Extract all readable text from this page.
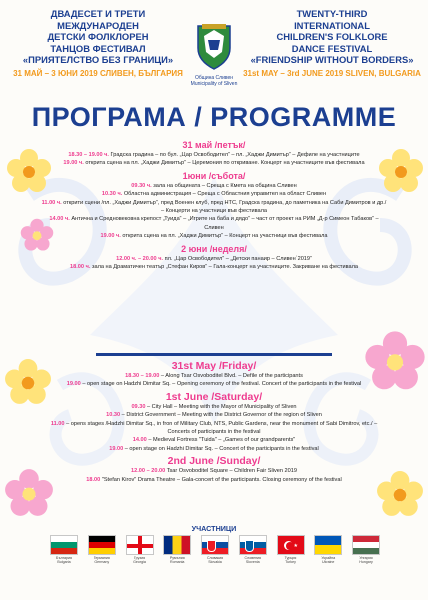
ДВАДЕСЕТ И ТРЕТИ
МЕЖДУНАРОДЕН
ДЕТСКИ ФОЛКЛОРЕН
ТАНЦОВ ФЕСТИВАЛ
«ПРИЯТЕЛСТВО БЕЗ ГРАНИЦИ»
31 МАЙ – 3 ЮНИ 2019 СЛИВЕН, БЪЛГАРИЯ
Община Сливен
Municipality of Sliven
TWENTY-THIRD
INTERNATIONAL
CHILDREN'S FOLKLORE
DANCE FESTIVAL
«FRIENDSHIP WITHOUT BORDERS»
31st MAY – 3rd JUNE 2019 SLIVEN, BULGARIA
ПРОГРАМА / PROGRAMME
31 май /петък/
18.30 – 19.00 ч. Градска градина – по бул. „Цар Освободител“ – пл. „Хаджи Димитър“ – Дефиле на участниците
19.00 ч. открита сцена на пл. „Хаджи Димитър“ – Церемония по откриване. Концерт на участниците във фестивала
1юни /събота/
09.30 ч. зала на общината – Среща с Кмета на община Сливен
10.30 ч. Областна администрация – Среща с Областния управител на област Сливен
11.00 ч. открити сцени /пл. „Хаджи Димитър“, пред Военен клуб, пред НТС, Градска градина, до паметника на Саби Димитров и др./ – Концерти на участници във фестивала
14.00 ч. Антична и Средновековна крепост „Туида“ – „Игрите на баба и дядо“ – част от проект на РИМ „Д-р Симеон Табаков“ – Сливен
19.00 ч. открита сцена на пл. „Хаджи Димитър“ – Концерт на участници във фестивала
2 юни /неделя/
12.00 ч. – 20.00 ч. пл. „Цар Освободител“ – „Детски панаир – Сливен`2019“
18.00 ч. зала на Драматичен театър „Стефан Киров“ – Гала-концерт на участниците. Закриване на фестивала
31st May /Friday/
18.30 – 19.00 – Along Tsar Osvoboditel Blvd. – Defile of the participants
19.00 – open stage on Hadzhi Dimitar Sq. – Opening ceremony of the festival. Concert of the participants in the festival
1st June /Saturday/
09.30 – City Hall – Meeting with the Mayor of Municipality of Sliven
10.30 – District Government – Meeting with the District Governor of the region of Sliven
11.00 – opens stages /Hadzhi Dimitar Sq., in fron of Military Club, NTS, Public Gardens, near the monument of Sabi Dimitrov, etc./ – Concerts of participants in the festival
14.00 – Medieval Fortress "Tuida" – „Games of our grandparents"
19.00 – open stage on Hadzhi Dimitar Sq. – Concert of the participants in the festival
2nd June /Sunday/
12.00 – 20.00 Tsar Osvoboditel Square – Children Fair Sliven 2019
18.00 "Stefan Kirov" Drama Theatre – Gala-concert of the participants. Closing ceremony of the festival
УЧАСТНИЦИ
България
Bulgaria
Германия
Germany
Грузия
Georgia
Румъния
Romania
Словакия
Slovakia
Словения
Slovenia
★
Турция
Turkey
Украйна
Ukraine
Унгария
Hungary
